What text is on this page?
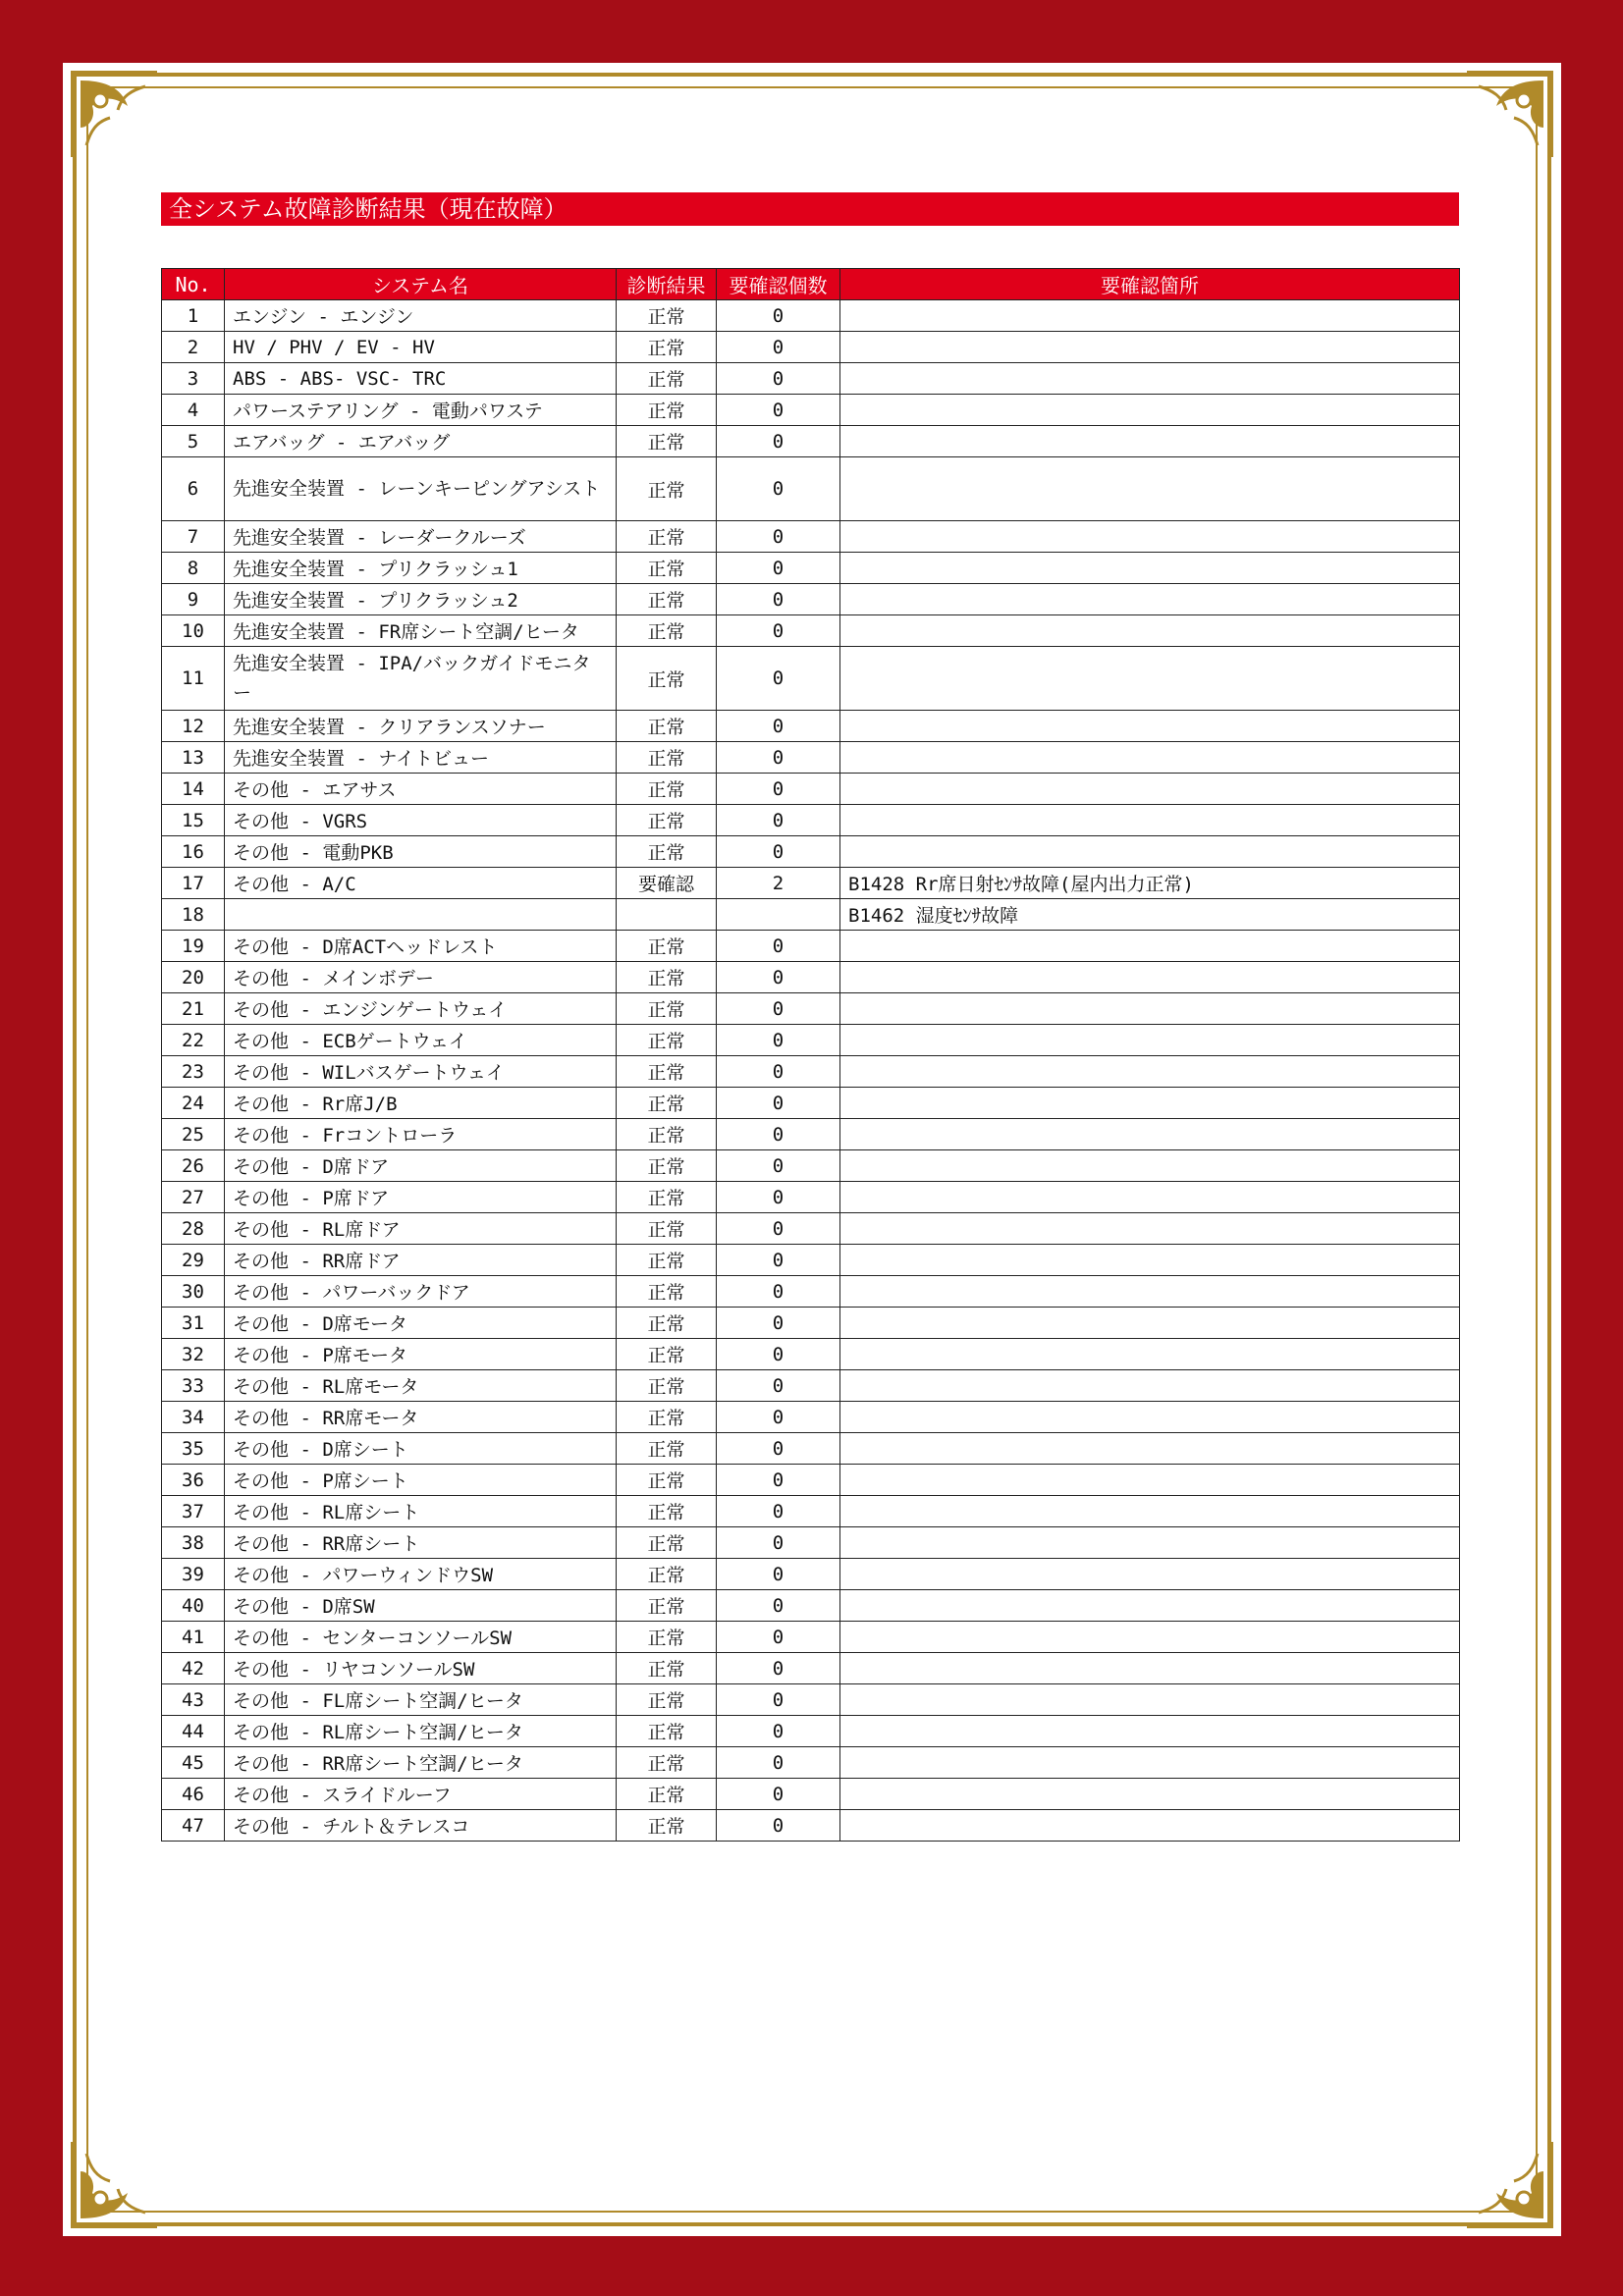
全システム故障診断結果（現在故障）
No.	システム名	診断結果	要確認個数	要確認箇所
1	エンジン - エンジン	正常	0	
2	HV / PHV / EV - HV	正常	0	
3	ABS - ABS- VSC- TRC	正常	0	
4	パワーステアリング - 電動パワステ	正常	0	
5	エアバッグ - エアバッグ	正常	0	
6	先進安全装置 - レーンキーピングアシスト	正常	0	
7	先進安全装置 - レーダークルーズ	正常	0	
8	先進安全装置 - プリクラッシュ1	正常	0	
9	先進安全装置 - プリクラッシュ2	正常	0	
10	先進安全装置 - FR席シート空調/ヒータ	正常	0	
11	先進安全装置 - IPA/バックガイドモニター	正常	0	
12	先進安全装置 - クリアランスソナー	正常	0	
13	先進安全装置 - ナイトビュー	正常	0	
14	その他 - エアサス	正常	0	
15	その他 - VGRS	正常	0	
16	その他 - 電動PKB	正常	0	
17	その他 - A/C	要確認	2	B1428 Rr席日射ｾﾝｻ故障(屋内出力正常)
18				B1462 湿度ｾﾝｻ故障
19	その他 - D席ACTヘッドレスト	正常	0	
20	その他 - メインボデー	正常	0	
21	その他 - エンジンゲートウェイ	正常	0	
22	その他 - ECBゲートウェイ	正常	0	
23	その他 - WILバスゲートウェイ	正常	0	
24	その他 - Rr席J/B	正常	0	
25	その他 - Frコントローラ	正常	0	
26	その他 - D席ドア	正常	0	
27	その他 - P席ドア	正常	0	
28	その他 - RL席ドア	正常	0	
29	その他 - RR席ドア	正常	0	
30	その他 - パワーバックドア	正常	0	
31	その他 - D席モータ	正常	0	
32	その他 - P席モータ	正常	0	
33	その他 - RL席モータ	正常	0	
34	その他 - RR席モータ	正常	0	
35	その他 - D席シート	正常	0	
36	その他 - P席シート	正常	0	
37	その他 - RL席シート	正常	0	
38	その他 - RR席シート	正常	0	
39	その他 - パワーウィンドウSW	正常	0	
40	その他 - D席SW	正常	0	
41	その他 - センターコンソールSW	正常	0	
42	その他 - リヤコンソールSW	正常	0	
43	その他 - FL席シート空調/ヒータ	正常	0	
44	その他 - RL席シート空調/ヒータ	正常	0	
45	その他 - RR席シート空調/ヒータ	正常	0	
46	その他 - スライドルーフ	正常	0	
47	その他 - チルト＆テレスコ	正常	0	
